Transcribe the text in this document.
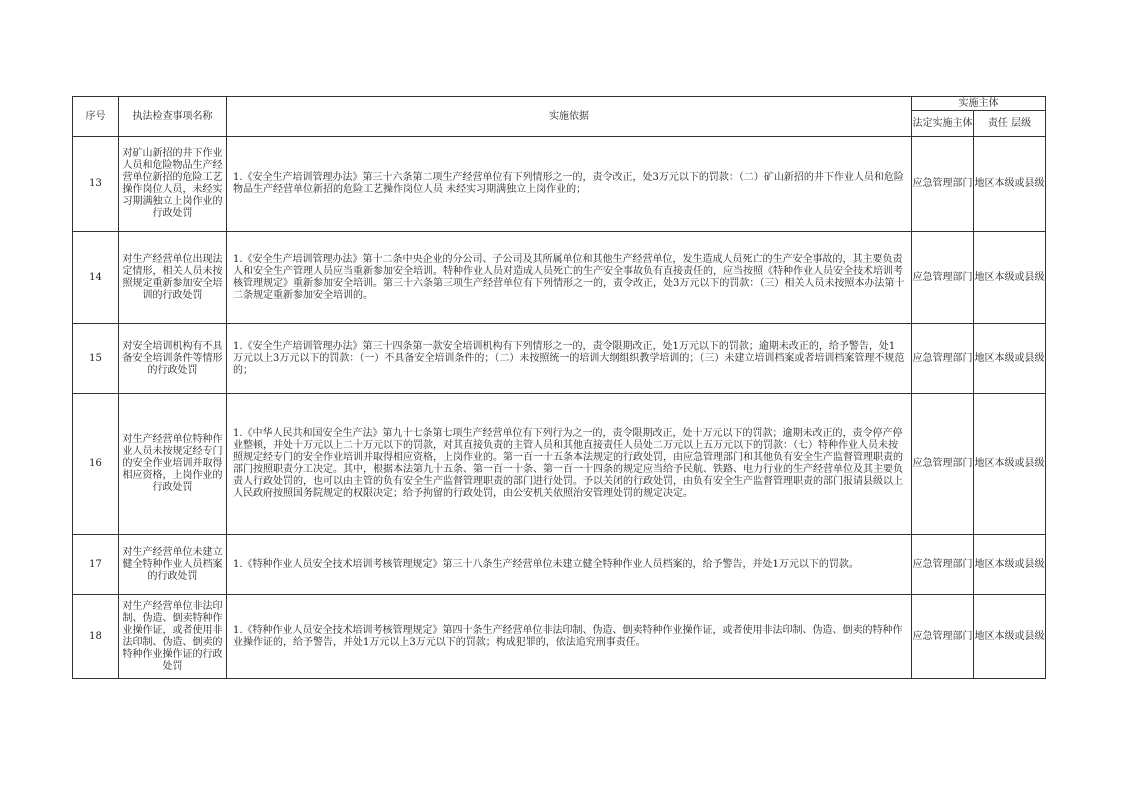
序号	执法检查事项名称	实施依据	实施主体	
			法定实施主体	责任 层级
13	对矿山新招的井下作业人员和危险物品生产经营单位新招的危险工艺操作岗位人员，未经实习期满独立上岗作业的行政处罚	1.《安全生产培训管理办法》第三十六条第二项生产经营单位有下列情形之一的，责令改正，处3万元以下的罚款：（二）矿山新招的井下作业人员和危险物品生产经营单位新招的危险工艺操作岗位人员 未经实习期满独立上岗作业的；	应急管理部门	地区本级或县级
14	对生产经营单位出现法定情形，相关人员未按照规定重新参加安全培训的行政处罚	1.《安全生产培训管理办法》第十二条中央企业的分公司、子公司及其所属单位和其他生产经营单位，发生造成人员死亡的生产安全事故的，其主要负责人和安全生产管理人员应当重新参加安全培训。特种作业人员对造成人员死亡的生产安全事故负有直接责任的，应当按照《特种作业人员安全技术培训考核管理规定》重新参加安全培训。第三十六条第三项生产经营单位有下列情形之一的，责令改正，处3万元以下的罚款：（三）相关人员未按照本办法第十二条规定重新参加安全培训的。	应急管理部门	地区本级或县级
15	对安全培训机构有不具备安全培训条件等情形的行政处罚	1.《安全生产培训管理办法》第三十四条第一款安全培训机构有下列情形之一的，责令限期改正，处1万元以下的罚款；逾期未改正的，给予警告，处1万元以上3万元以下的罚款：（一）不具备安全培训条件的；（二）未按照统一的培训大纲组织教学培训的；（三）未建立培训档案或者培训档案管理不规范的；	应急管理部门	地区本级或县级
16	对生产经营单位特种作业人员未按规定经专门的安全作业培训并取得相应资格，上岗作业的行政处罚	1.《中华人民共和国安全生产法》第九十七条第七项生产经营单位有下列行为之一的，责令限期改正，处十万元以下的罚款；逾期未改正的，责令停产停业整顿，并处十万元以上二十万元以下的罚款，对其直接负责的主管人员和其他直接责任人员处二万元以上五万元以下的罚款：（七）特种作业人员未按照规定经专门的安全作业培训并取得相应资格，上岗作业的。第一百一十五条本法规定的行政处罚，由应急管理部门和其他负有安全生产监督管理职责的部门按照职责分工决定。其中，根据本法第九十五条、第一百一十条、第一百一十四条的规定应当给予民航、铁路、电力行业的生产经营单位及其主要负责人行政处罚的，也可以由主管的负有安全生产监督管理职责的部门进行处罚。予以关闭的行政处罚，由负有安全生产监督管理职责的部门报请县级以上人民政府按照国务院规定的权限决定；给予拘留的行政处罚，由公安机关依照治安管理处罚的规定决定。	应急管理部门	地区本级或县级
17	对生产经营单位未建立健全特种作业人员档案的行政处罚	1.《特种作业人员安全技术培训考核管理规定》第三十八条生产经营单位未建立健全特种作业人员档案的，给予警告，并处1万元以下的罚款。	应急管理部门	地区本级或县级
18	对生产经营单位非法印制、伪造、倒卖特种作业操作证，或者使用非法印制、伪造、倒卖的特种作业操作证的行政处罚	1.《特种作业人员安全技术培训考核管理规定》第四十条生产经营单位非法印制、伪造、倒卖特种作业操作证，或者使用非法印制、伪造、倒卖的特种作业操作证的，给予警告，并处1万元以上3万元以下的罚款；构成犯罪的，依法追究刑事责任。	应急管理部门	地区本级或县级
